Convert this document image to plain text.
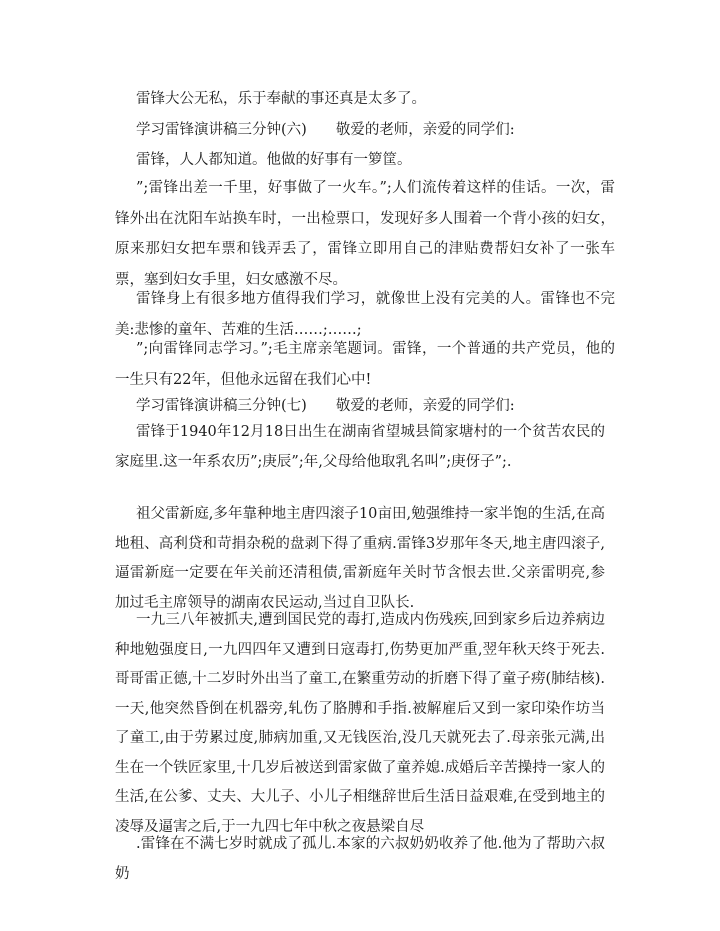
雷锋大公无私，乐于奉献的事还真是太多了。

学习雷锋演讲稿三分钟(六)　　敬爱的老师，亲爱的同学们:

雷锋，人人都知道。他做的好事有一箩筐。

”;雷锋出差一千里，好事做了一火车。”;人们流传着这样的佳话。一次，雷锋外出在沈阳车站换车时，一出检票口，发现好多人围着一个背小孩的妇女，原来那妇女把车票和钱弄丢了，雷锋立即用自己的津贴费帮妇女补了一张车票，塞到妇女手里，妇女感激不尽。

雷锋身上有很多地方值得我们学习，就像世上没有完美的人。雷锋也不完美:悲惨的童年、苦难的生活……;……;

”;向雷锋同志学习。”;毛主席亲笔题词。雷锋，一个普通的共产党员，他的一生只有22年，但他永远留在我们心中!

学习雷锋演讲稿三分钟(七)　　敬爱的老师，亲爱的同学们:

雷锋于1940年12月18日出生在湖南省望城县简家塘村的一个贫苦农民的家庭里.这一年系农历”;庚辰”;年,父母给他取乳名叫”;庚伢子”;.

祖父雷新庭,多年靠种地主唐四滚子10亩田,勉强维持一家半饱的生活,在高地租、高利贷和苛捐杂税的盘剥下得了重病.雷锋3岁那年冬天,地主唐四滚子,逼雷新庭一定要在年关前还清租债,雷新庭年关时节含恨去世.父亲雷明亮,参加过毛主席领导的湖南农民运动,当过自卫队长.

一九三八年被抓夫,遭到国民党的毒打,造成内伤残疾,回到家乡后边养病边种地勉强度日,一九四四年又遭到日寇毒打,伤势更加严重,翌年秋天终于死去.哥哥雷正德,十二岁时外出当了童工,在繁重劳动的折磨下得了童子痨(肺结核).一天,他突然昏倒在机器旁,轧伤了胳膊和手指.被解雇后又到一家印染作坊当了童工,由于劳累过度,肺病加重,又无钱医治,没几天就死去了.母亲张元满,出生在一个铁匠家里,十几岁后被送到雷家做了童养媳.成婚后辛苦操持一家人的生活,在公爹、丈夫、大儿子、小儿子相继辞世后生活日益艰难,在受到地主的凌辱及逼害之后,于一九四七年中秋之夜悬梁自尽

.雷锋在不满七岁时就成了孤儿.本家的六叔奶奶收养了他.他为了帮助六叔奶
